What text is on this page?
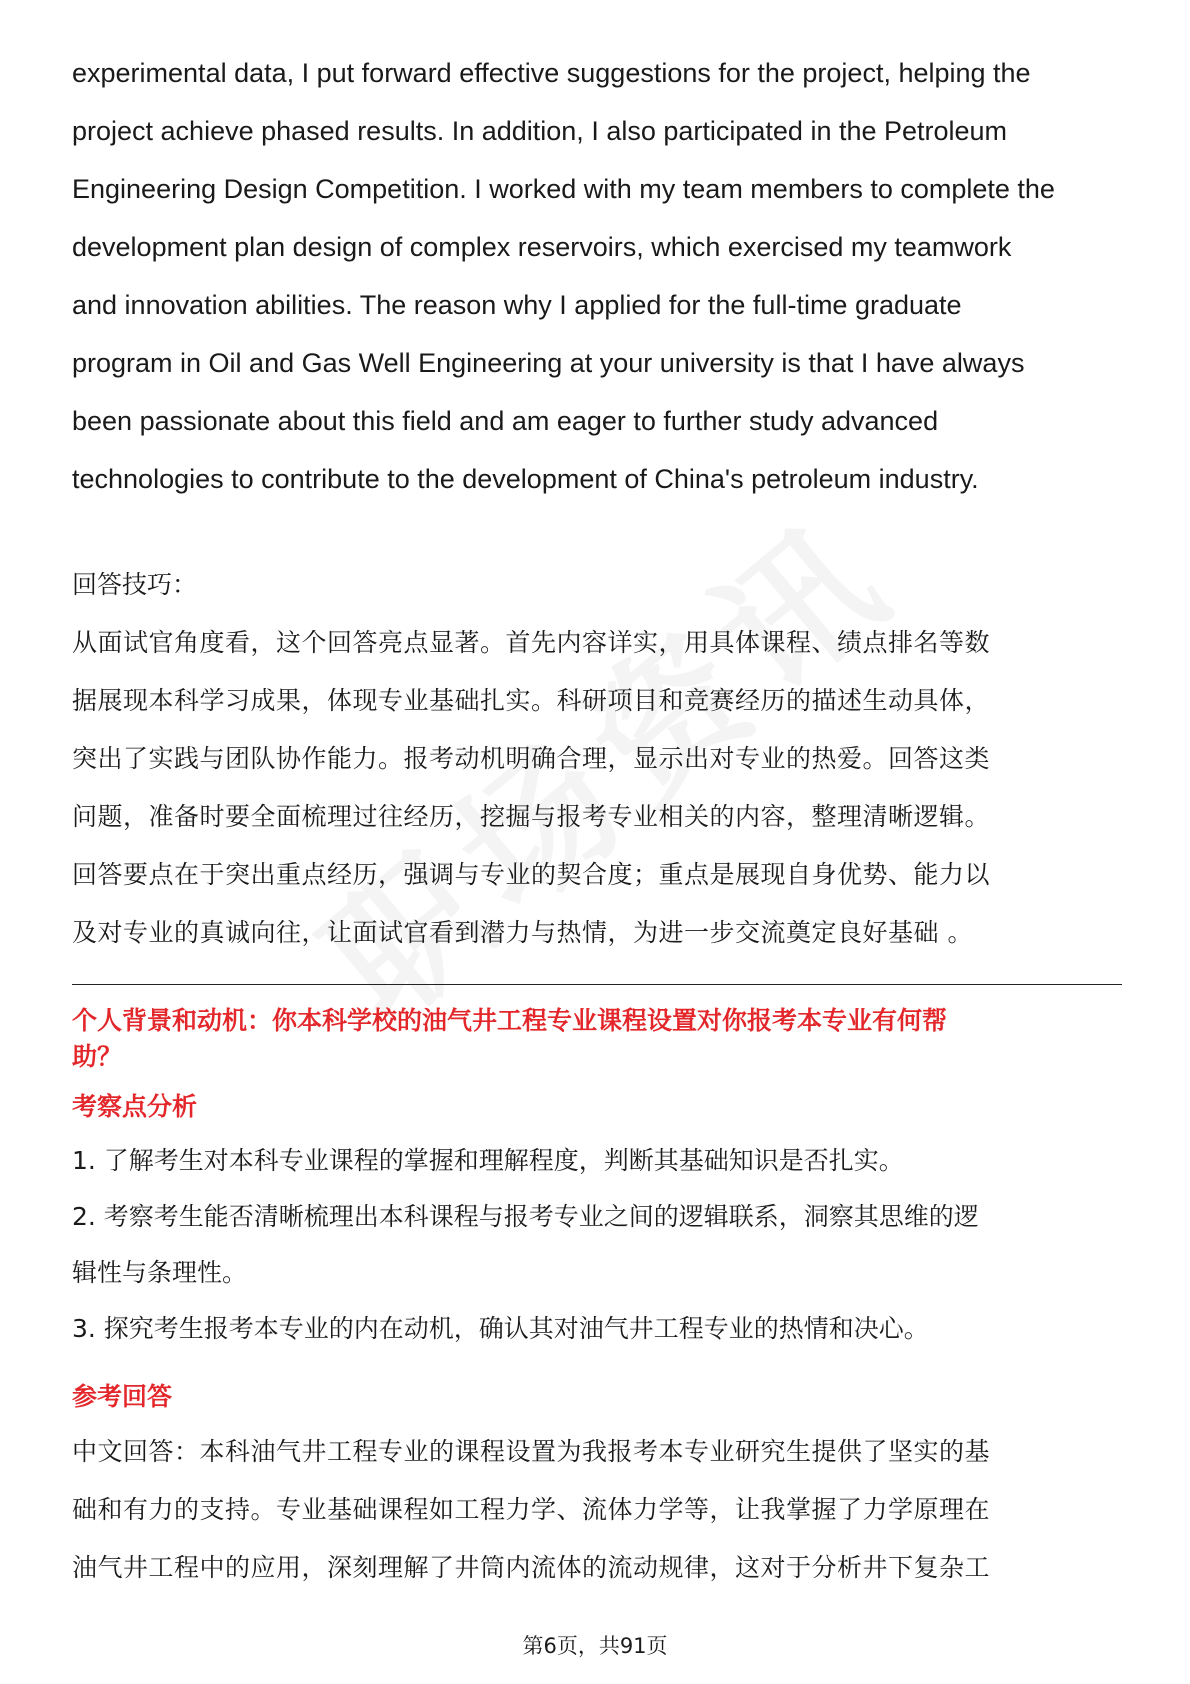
experimental data, I put forward effective suggestions for the project, helping the

project achieve phased results. In addition, I also participated in the Petroleum

Engineering Design Competition. I worked with my team members to complete the

development plan design of complex reservoirs, which exercised my teamwork

and innovation abilities. The reason why I applied for the full-time graduate

program in Oil and Gas Well Engineering at your university is that I have always

been passionate about this field and am eager to further study advanced

technologies to contribute to the development of China's petroleum industry.

回答技巧：

从面试官角度看，这个回答亮点显著。首先内容详实，用具体课程、绩点排名等数

据展现本科学习成果，体现专业基础扎实。科研项目和竞赛经历的描述生动具体，

突出了实践与团队协作能力。报考动机明确合理，显示出对专业的热爱。回答这类

问题，准备时要全面梳理过往经历，挖掘与报考专业相关的内容，整理清晰逻辑。

回答要点在于突出重点经历，强调与专业的契合度；重点是展现自身优势、能力以

及对专业的真诚向往，让面试官看到潜力与热情，为进一步交流奠定良好基础 。

个人背景和动机：你本科学校的油气井工程专业课程设置对你报考本专业有何帮

助？

考察点分析

1. 了解考生对本科专业课程的掌握和理解程度，判断其基础知识是否扎实。

2. 考察考生能否清晰梳理出本科课程与报考专业之间的逻辑联系，洞察其思维的逻

辑性与条理性。

3. 探究考生报考本专业的内在动机，确认其对油气井工程专业的热情和决心。

参考回答

中文回答：本科油气井工程专业的课程设置为我报考本专业研究生提供了坚实的基

础和有力的支持。专业基础课程如工程力学、流体力学等，让我掌握了力学原理在

油气井工程中的应用，深刻理解了井筒内流体的流动规律，这对于分析井下复杂工

第6页，共91页
